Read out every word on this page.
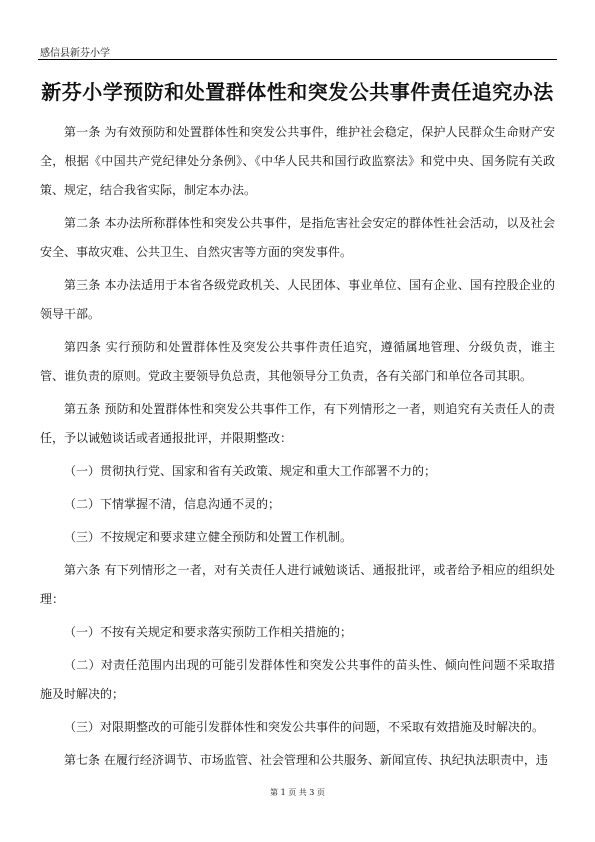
感信县新芬小学
新芬小学预防和处置群体性和突发公共事件责任追究办法

第一条 为有效预防和处置群体性和突发公共事件，维护社会稳定，保护人民群众生命财产安全，根据《中国共产党纪律处分条例》、《中华人民共和国行政监察法》和党中央、国务院有关政策、规定，结合我省实际，制定本办法。

第二条 本办法所称群体性和突发公共事件，是指危害社会安定的群体性社会活动，以及社会安全、事故灾难、公共卫生、自然灾害等方面的突发事件。

第三条 本办法适用于本省各级党政机关、人民团体、事业单位、国有企业、国有控股企业的领导干部。

第四条 实行预防和处置群体性及突发公共事件责任追究，遵循属地管理、分级负责，谁主管、谁负责的原则。党政主要领导负总责，其他领导分工负责，各有关部门和单位各司其职。

第五条 预防和处置群体性和突发公共事件工作，有下列情形之一者，则追究有关责任人的责任，予以诫勉谈话或者通报批评，并限期整改：

（一）贯彻执行党、国家和省有关政策、规定和重大工作部署不力的；

（二）下情掌握不清，信息沟通不灵的；

（三）不按规定和要求建立健全预防和处置工作机制。

第六条 有下列情形之一者，对有关责任人进行诫勉谈话、通报批评，或者给予相应的组织处理：

（一）不按有关规定和要求落实预防工作相关措施的；

（二）对责任范围内出现的可能引发群体性和突发公共事件的苗头性、倾向性问题不采取措施及时解决的；

（三）对限期整改的可能引发群体性和突发公共事件的问题，不采取有效措施及时解决的。

第七条 在履行经济调节、市场监管、社会管理和公共服务、新闻宣传、执纪执法职责中，违

第 1 页 共 3 页
